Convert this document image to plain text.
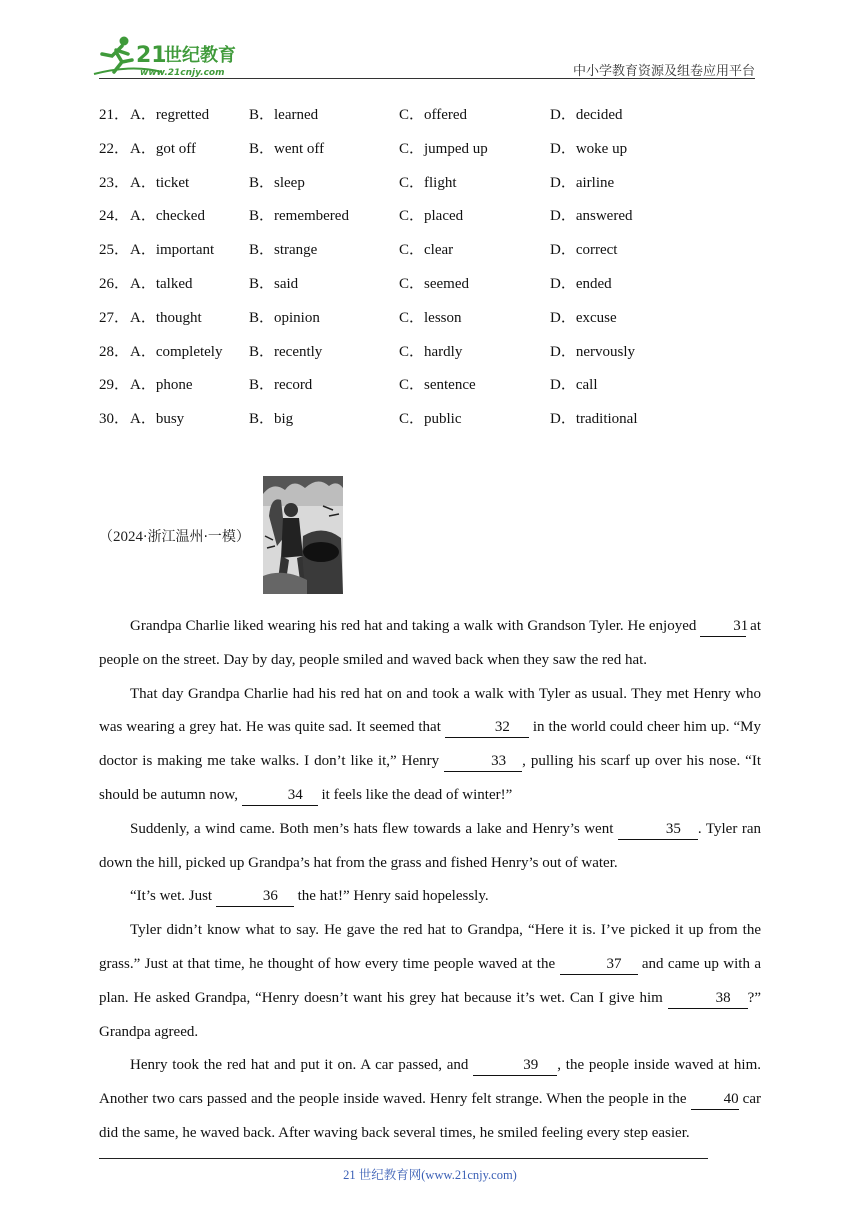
21
世纪教育
www.21cnjy.com	中小学教育资源及组卷应用平台
21． A．regretted	B．learned	C．offered	D．decided
22． A．got off	B．went off	C．jumped up	D．woke up
23． A．ticket	B．sleep	C．flight	D．airline
24． A．checked	B．remembered	C．placed	D．answered
25． A．important B．strange	C．clear	D．correct
26． A．talked	B．said	C．seemed	D．ended
27． A．thought	B．opinion	C．lesson	D．excuse
28． A．completely B．recently	C．hardly	D．nervously
29． A．phone	B．record	C．sentence	D．call
30． A．busy	B．big	C．public	D．traditional
（2024·浙江温州·一模）

Grandpa Charlie liked wearing his red hat and taking a walk with Grandson Tyler. He enjoyed 31 at people on the street. Day by day, people smiled and waved back when they saw the red hat.

That day Grandpa Charlie had his red hat on and took a walk with Tyler as usual. They met Henry who was wearing a grey hat. He was quite sad. It seemed that	32 in the world could cheer him up. “My doctor is making me take walks. I don’t like it,” Henry	33 , pulling his scarf up over his nose. “It should be autumn now,	34 it feels like the dead of winter!”

Suddenly, a wind came. Both men’s hats flew towards a lake and Henry’s went	35 . Tyler ran down the hill, picked up Grandpa’s hat from the grass and fished Henry’s out of water.

“It’s wet. Just	36 the hat!” Henry said hopelessly.

Tyler didn’t know what to say. He gave the red hat to Grandpa, “Here it is. I’ve picked it up from the grass.” Just at that time, he thought of how every time people waved at the	37 and came up with a plan. He asked Grandpa, “Henry doesn’t want his grey hat because it’s wet. Can I give him	38 ?” Grandpa agreed.

Henry took the red hat and put it on. A car passed, and	39 , the people inside waved at him. Another two cars passed and the people inside waved. Henry felt strange. When the people in the 40 car did the same, he waved back. After waving back several times, he smiled feeling every step easier.

21 世纪教育网(www.21cnjy.com)
